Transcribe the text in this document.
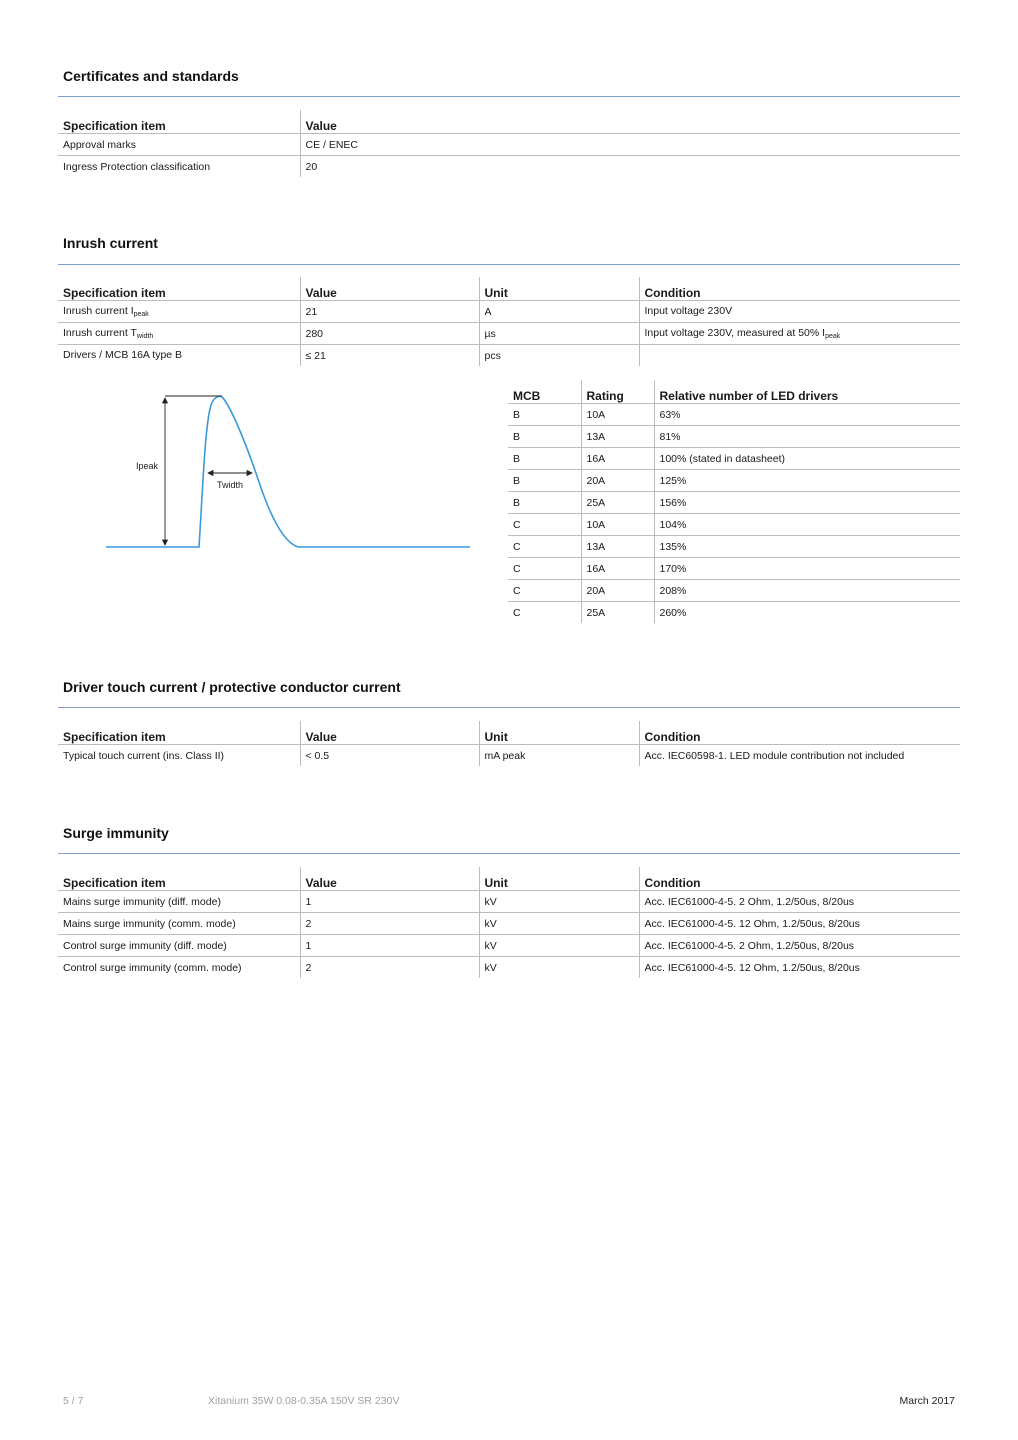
Certificates and standards
Specification item	Value
Approval marks	CE / ENEC
Ingress Protection classification	20
Inrush current
Specification item	Value	Unit	Condition
Inrush current $I_{peak}$	21	A	Input voltage 230V
Inrush current $T_{width}$	280	µs	Input voltage 230V, measured at 50% $I_{peak}$
Drivers / MCB 16A type B	≤ 21	pcs	
Ipeak
Twidth
MCB	Rating	Relative number of LED drivers
B	10A	63%
B	13A	81%
B	16A	100% (stated in datasheet)
B	20A	125%
B	25A	156%
C	10A	104%
C	13A	135%
C	16A	170%
C	20A	208%
C	25A	260%
Driver touch current / protective conductor current
Specification item	Value	Unit	Condition
Typical touch current (ins. Class II)	< 0.5	mA peak	Acc. IEC60598-1. LED module contribution not included
Surge immunity
Specification item	Value	Unit	Condition
Mains surge immunity (diff. mode)	1	kV	Acc. IEC61000-4-5. 2 Ohm, 1.2/50us, 8/20us
Mains surge immunity (comm. mode)	2	kV	Acc. IEC61000-4-5. 12 Ohm, 1.2/50us, 8/20us
Control surge immunity (diff. mode)	1	kV	Acc. IEC61000-4-5. 2 Ohm, 1.2/50us, 8/20us
Control surge immunity (comm. mode)	2	kV	Acc. IEC61000-4-5. 12 Ohm, 1.2/50us, 8/20us
5 / 7	Xitanium 35W 0.08-0.35A 150V SR 230V	March 2017
